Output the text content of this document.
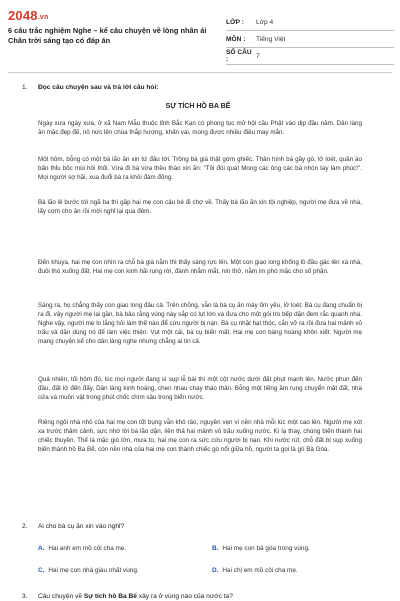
2048.vn
6 câu trắc nghiệm Nghe – kể câu chuyện về lòng nhân ái
Chân trời sáng tạo có đáp án
LỚP :	Lớp 4
MÔN :	Tiếng Việt
SỐ CÂU :	7
1. Đọc câu chuyện sau và trả lời câu hỏi:
SỰ TÍCH HỒ BA BỂ

Ngày xưa ngày xưa, ở xã Nam Mẫu thuộc tỉnh Bắc Kạn có phong tục mở hội cầu Phật vào dịp đầu năm. Dân làng ăn mặc đẹp đẽ, nô nức lên chùa thắp hương, khấn vái, mong được nhiều điều may mắn.

Một hôm, bỗng có một bà lão ăn xin tứ đâu tới. Trông bà già thật gớm ghiếc. Thân hình bà gầy gò, lở loét, quần áo bẩn thỉu bốc mùi hôi thối. Vừa đi bà vừa thều thào xin ăn: "Tôi đói quá! Mong các ông các bà nhón tay làm phúc!". Mọi người sợ hãi, xua đuổi bà ra khỏi đám đông.

Bà lão lê bước tới ngã ba thì gặp hai mẹ con cậu bé đi chợ về. Thấy bà lão ăn xin tội nghiệp, người mẹ đưa về nhà, lấy cơm cho ăn rồi mời nghỉ lại qua đêm.

Đến khuya, hai mẹ con nhìn ra chỗ bà già nằm thì thấy sáng rực lên. Một con giao long khổng lồ đầu gác lên xà nhà, đuôi thò xuống đất. Hai mẹ con kinh hãi rụng rời, đành nhắm mắt, nín thở, nằm im phó mặc cho số phận.

Sáng ra, họ chẳng thấy con giao long đâu cả. Trên chõng, vẫn là bà cụ ăn mày ốm yếu, lở loét. Bà cụ đang chuẩn bị ra đi, vậy người mẹ lại gần, bà bảo rằng vùng này sắp có lụt lớn và đưa cho một gói tro bếp dặn đem rắc quanh nhà. Nghe vậy, người mẹ lo lắng hỏi làm thế nào để cứu người bị nạn. Bà cụ nhặt hạt thóc, cắn vỡ ra rồi đưa hai mảnh vỏ trấu và dặn dùng nó để làm việc thiện. Vụt một cái, bà cụ biến mất. Hai mẹ con bàng hoàng khôn xiết. Người mẹ mang chuyện kể cho dân làng nghe nhưng chẳng ai tin cả.

Quả nhiên, tối hôm đó, lúc mọi người đang sì sụp lễ bái thì một cột nước dưới đất phụt mạnh lên. Nước phun đến đâu, đất lở đến đấy. Dân làng kinh hoàng, chen nhau chạy tháo thân. Bỗng một tiếng ầm rung chuyển mặt đất, nhà cửa và muôn vật trong phút chốc chìm sâu trong biển nước.

Riêng ngôi nhà nhỏ của hai mẹ con tốt bụng vẫn khô ráo, nguyên vẹn vì nền nhà mỗi lúc một cao lên. Người mẹ xót xa trước thảm cảnh, sực nhớ lời bà lão dặn, liền thả hai mảnh vỏ trấu xuống nước. Kì lạ thay, chúng biến thành hai chiếc thuyền. Thế là mặc gió lớn, mưa to, hai mẹ con ra sức cứu người bị nạn. Khi nước rút, chỗ đất bị sụp xuống biến thành hồ Ba Bể, còn nền nhà của hai mẹ con thành chiếc gò nổi giữa hồ, người ta gọi là gò Bà Góa.

2. Ai cho bà cụ ăn xin vào nghỉ?
A. Hai anh em mồ côi cha mẹ.	B. Hai mẹ con bà góa trong vùng.
C. Hai mẹ con nhà giàu nhất vùng.	D. Hai chị em mồ côi cha mẹ.
3. Câu chuyện về Sự tích hồ Ba Bể xảy ra ở vùng nào của nước ta?
